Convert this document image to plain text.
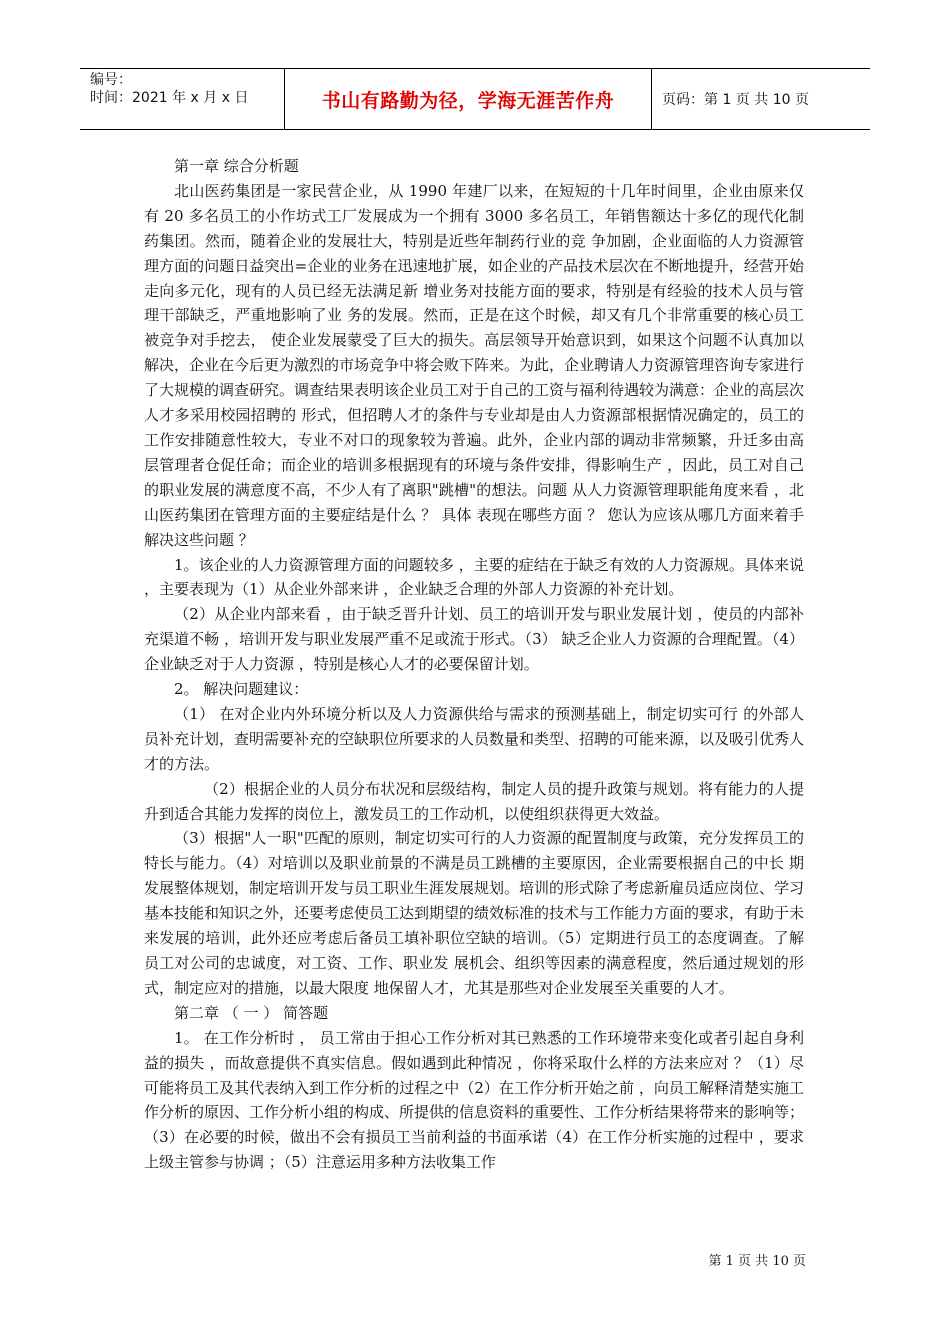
编号：
时间：2021 年 x 月 x 日	书山有路勤为径，学海无涯苦作舟	页码：第 1 页 共 10 页

第一章 综合分析题

北山医药集团是一家民营企业，从 1990 年建厂以来，在短短的十几年时间里，企业由原来仅有 20 多名员工的小作坊式工厂发展成为一个拥有 3000 多名员工，年销售额达十多亿的现代化制药集团。然而，随着企业的发展壮大，特别是近些年制药行业的竞 争加剧，企业面临的人力资源管理方面的问题日益突出=企业的业务在迅速地扩展，如企业的产品技术层次在不断地提升，经营开始走向多元化，现有的人员已经无法满足新 增业务对技能方面的要求，特别是有经验的技术人员与管理干部缺乏，严重地影响了业 务的发展。然而，正是在这个时候，却又有几个非常重要的核心员工被竞争对手挖去， 使企业发展蒙受了巨大的损失。高层领导开始意识到，如果这个问题不认真加以解决，企业在今后更为激烈的市场竞争中将会败下阵来。为此，企业聘请人力资源管理咨询专家进行了大规模的调查研究。调查结果表明该企业员工对于自己的工资与福利待遇较为满意：企业的高层次人才多采用校园招聘的 形式，但招聘人才的条件与专业却是由人力资源部根据情况确定的，员工的工作安排随意性较大，专业不对口的现象较为普遍。此外，企业内部的调动非常频繁，升迁多由高 层管理者仓促任命；而企业的培训多根据现有的环境与条件安排，得影响生产 ，因此，员工对自己的职业发展的满意度不高，不少人有了离职"跳槽"的想法。问题 从人力资源管理职能角度来看 ，北山医药集团在管理方面的主要症结是什么 ？ 具体 表现在哪些方面 ？ 您认为应该从哪几方面来着手解决这些问题 ？

1。该企业的人力资源管理方面的问题较多 ，主要的症结在于缺乏有效的人力资源规。具体来说 ，主要表现为（1）从企业外部来讲 ，企业缺乏合理的外部人力资源的补充计划。

（2）从企业内部来看 ，由于缺乏晋升计划、员工的培训开发与职业发展计划 ，使员的内部补充渠道不畅 ，培训开发与职业发展严重不足或流于形式。（3） 缺乏企业人力资源的合理配置。（4） 企业缺乏对于人力资源 ，特别是核心人才的必要保留计划。

2。 解决问题建议：

（1） 在对企业内外环境分析以及人力资源供给与需求的预测基础上，制定切实可行 的外部人员补充计划，查明需要补充的空缺职位所要求的人员数量和类型、招聘的可能来源，以及吸引优秀人才的方法。

（2）根据企业的人员分布状况和层级结构，制定人员的提升政策与规划。将有能力的人提升到适合其能力发挥的岗位上，激发员工的工作动机，以使组织获得更大效益。

（3）根据"人一职"匹配的原则，制定切实可行的人力资源的配置制度与政策，充分发挥员工的特长与能力。（4）对培训以及职业前景的不满是员工跳槽的主要原因，企业需要根据自己的中长 期发展整体规划，制定培训开发与员工职业生涯发展规划。培训的形式除了考虑新雇员适应岗位、学习基本技能和知识之外，还要考虑使员工达到期望的绩效标准的技术与工作能力方面的要求，有助于未来发展的培训，此外还应考虑后备员工填补职位空缺的培训。（5）定期进行员工的态度调查。了解员工对公司的忠诚度，对工资、工作、职业发 展机会、组织等因素的满意程度，然后通过规划的形式，制定应对的措施，以最大限度 地保留人才，尤其是那些对企业发展至关重要的人才。

第二章 （ 一 ） 简答题

1。 在工作分析时 ， 员工常由于担心工作分析对其已熟悉的工作环境带来变化或者引起自身利益的损失 ，而故意提供不真实信息。假如遇到此种情况 ，你将采取什么样的方法来应对 ？（1）尽可能将员工及其代表纳入到工作分析的过程之中（2）在工作分析开始之前 ，向员工解释清楚实施工作分析的原因、工作分析小组的构成、所提供的信息资料的重要性、工作分析结果将带来的影响等；（3）在必要的时候，做出不会有损员工当前利益的书面承诺（4）在工作分析实施的过程中 ，要求上级主管参与协调 ；（5）注意运用多种方法收集工作

第 1 页 共 10 页
